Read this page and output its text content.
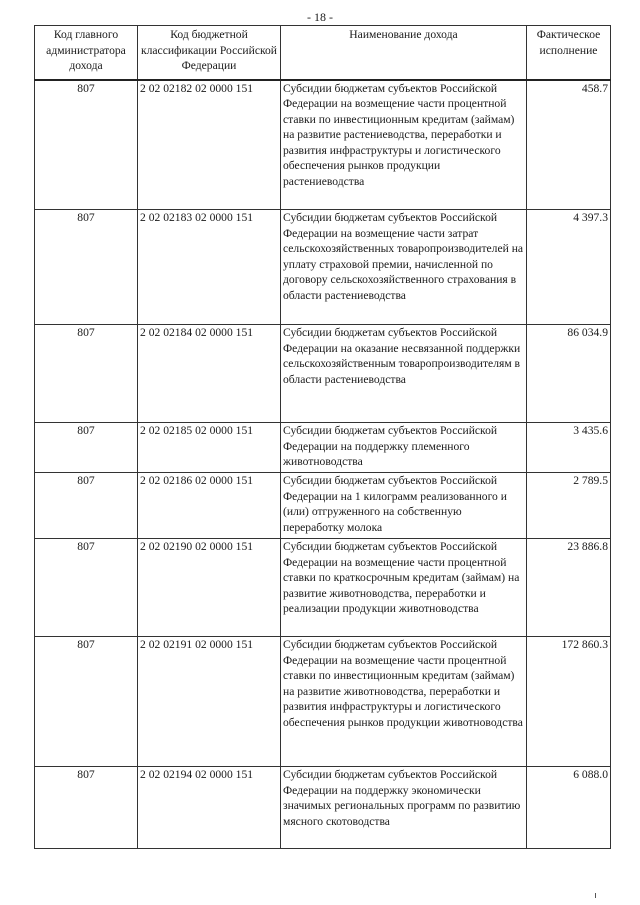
- 18 -
Код главного администратора дохода	Код бюджетной классификации Российской Федерации	Наименование дохода	Фактическое исполнение
807	2 02 02182 02 0000 151	Субсидии бюджетам субъектов Российской Федерации на возмещение части процентной ставки по инвестиционным кредитам (займам) на развитие растениеводства, переработки и развития инфраструктуры и логистического обеспечения рынков продукции растениеводства	458.7
807	2 02 02183 02 0000 151	Субсидии бюджетам субъектов Российской Федерации на возмещение части затрат сельскохозяйственных товаропроизводителей на уплату страховой премии, начисленной по договору сельскохозяйственного страхования в области растениеводства	4 397.3
807	2 02 02184 02 0000 151	Субсидии бюджетам субъектов Российской Федерации на оказание несвязанной поддержки сельскохозяйственным товаропроизводителям в области растениеводства	86 034.9
807	2 02 02185 02 0000 151	Субсидии бюджетам субъектов Российской Федерации на поддержку племенного животноводства	3 435.6
807	2 02 02186 02 0000 151	Субсидии бюджетам субъектов Российской Федерации на 1 килограмм реализованного и (или) отгруженного на собственную переработку молока	2 789.5
807	2 02 02190 02 0000 151	Субсидии бюджетам субъектов Российской Федерации на возмещение части процентной ставки по краткосрочным кредитам (займам) на развитие животноводства, переработки и реализации продукции животноводства	23 886.8
807	2 02 02191 02 0000 151	Субсидии бюджетам субъектов Российской Федерации на возмещение части процентной ставки по инвестиционным кредитам (займам) на развитие животноводства, переработки и развития инфраструктуры и логистического обеспечения рынков продукции животноводства	172 860.3
807	2 02 02194 02 0000 151	Субсидии бюджетам субъектов Российской Федерации на поддержку экономически значимых региональных программ по развитию мясного скотоводства	6 088.0
